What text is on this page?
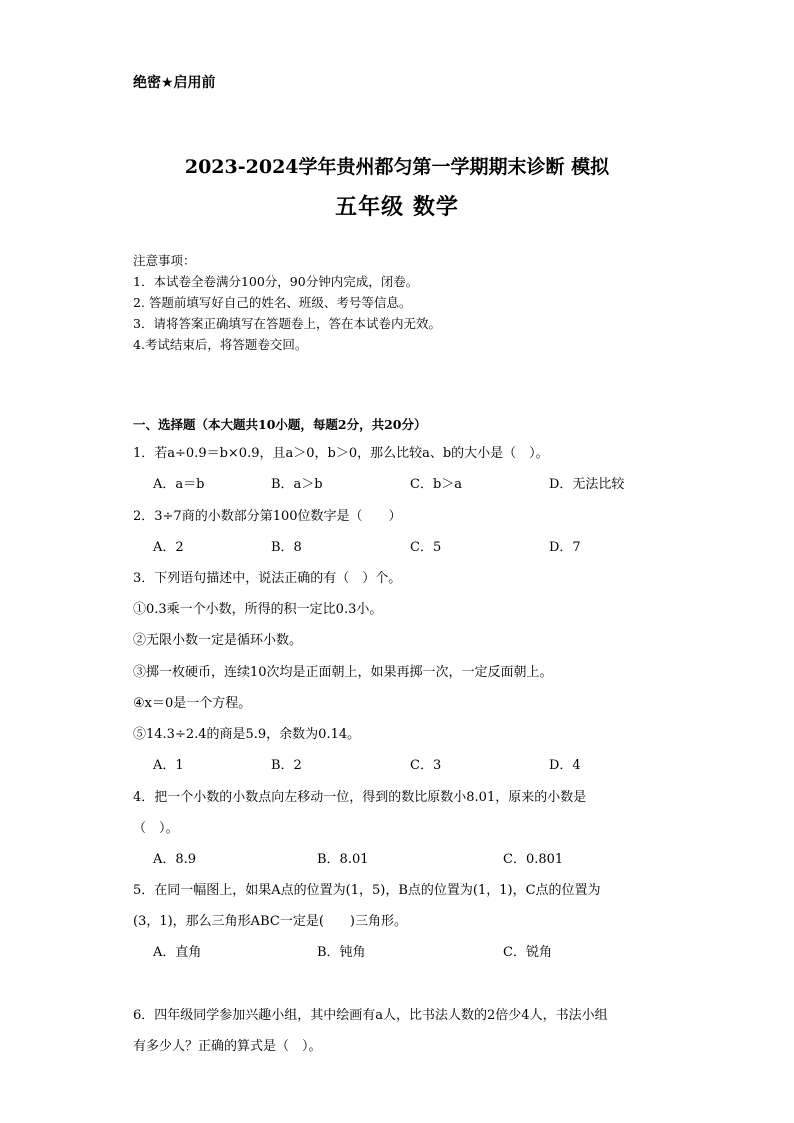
绝密★启用前
2023-2024学年贵州都匀第一学期期末诊断 模拟
五年级 数学
注意事项：
1．本试卷全卷满分100分，90分钟内完成，闭卷。
2. 答题前填写好自己的姓名、班级、考号等信息。
3．请将答案正确填写在答题卷上，答在本试卷内无效。
4.考试结束后，将答题卷交回。
一、选择题（本大题共10小题，每题2分，共20分）
1．若a÷0.9＝b×0.9，且a＞0，b＞0，那么比较a、b的大小是（　）。
A．a＝b	B．a＞b	C．b＞a	D．无法比较
2．3÷7商的小数部分第100位数字是（　　）
A．2	B．8	C．5	D．7
3．下列语句描述中，说法正确的有（　）个。
①0.3乘一个小数，所得的积一定比0.3小。
②无限小数一定是循环小数。
③掷一枚硬币，连续10次均是正面朝上，如果再掷一次，一定反面朝上。
④x＝0是一个方程。
⑤14.3÷2.4的商是5.9，余数为0.14。
A．1	B．2	C．3	D．4
4．把一个小数的小数点向左移动一位，得到的数比原数小8.01，原来的小数是
（　）。
A．8.9	B．8.01	C．0.801
5．在同一幅图上，如果A点的位置为(1，5)，B点的位置为(1，1)，C点的位置为
(3，1)，那么三角形ABC一定是(　　)三角形。
A．直角	B．钝角	C．锐角
6．四年级同学参加兴趣小组，其中绘画有a人，比书法人数的2倍少4人，书法小组
有多少人？正确的算式是（　）。
